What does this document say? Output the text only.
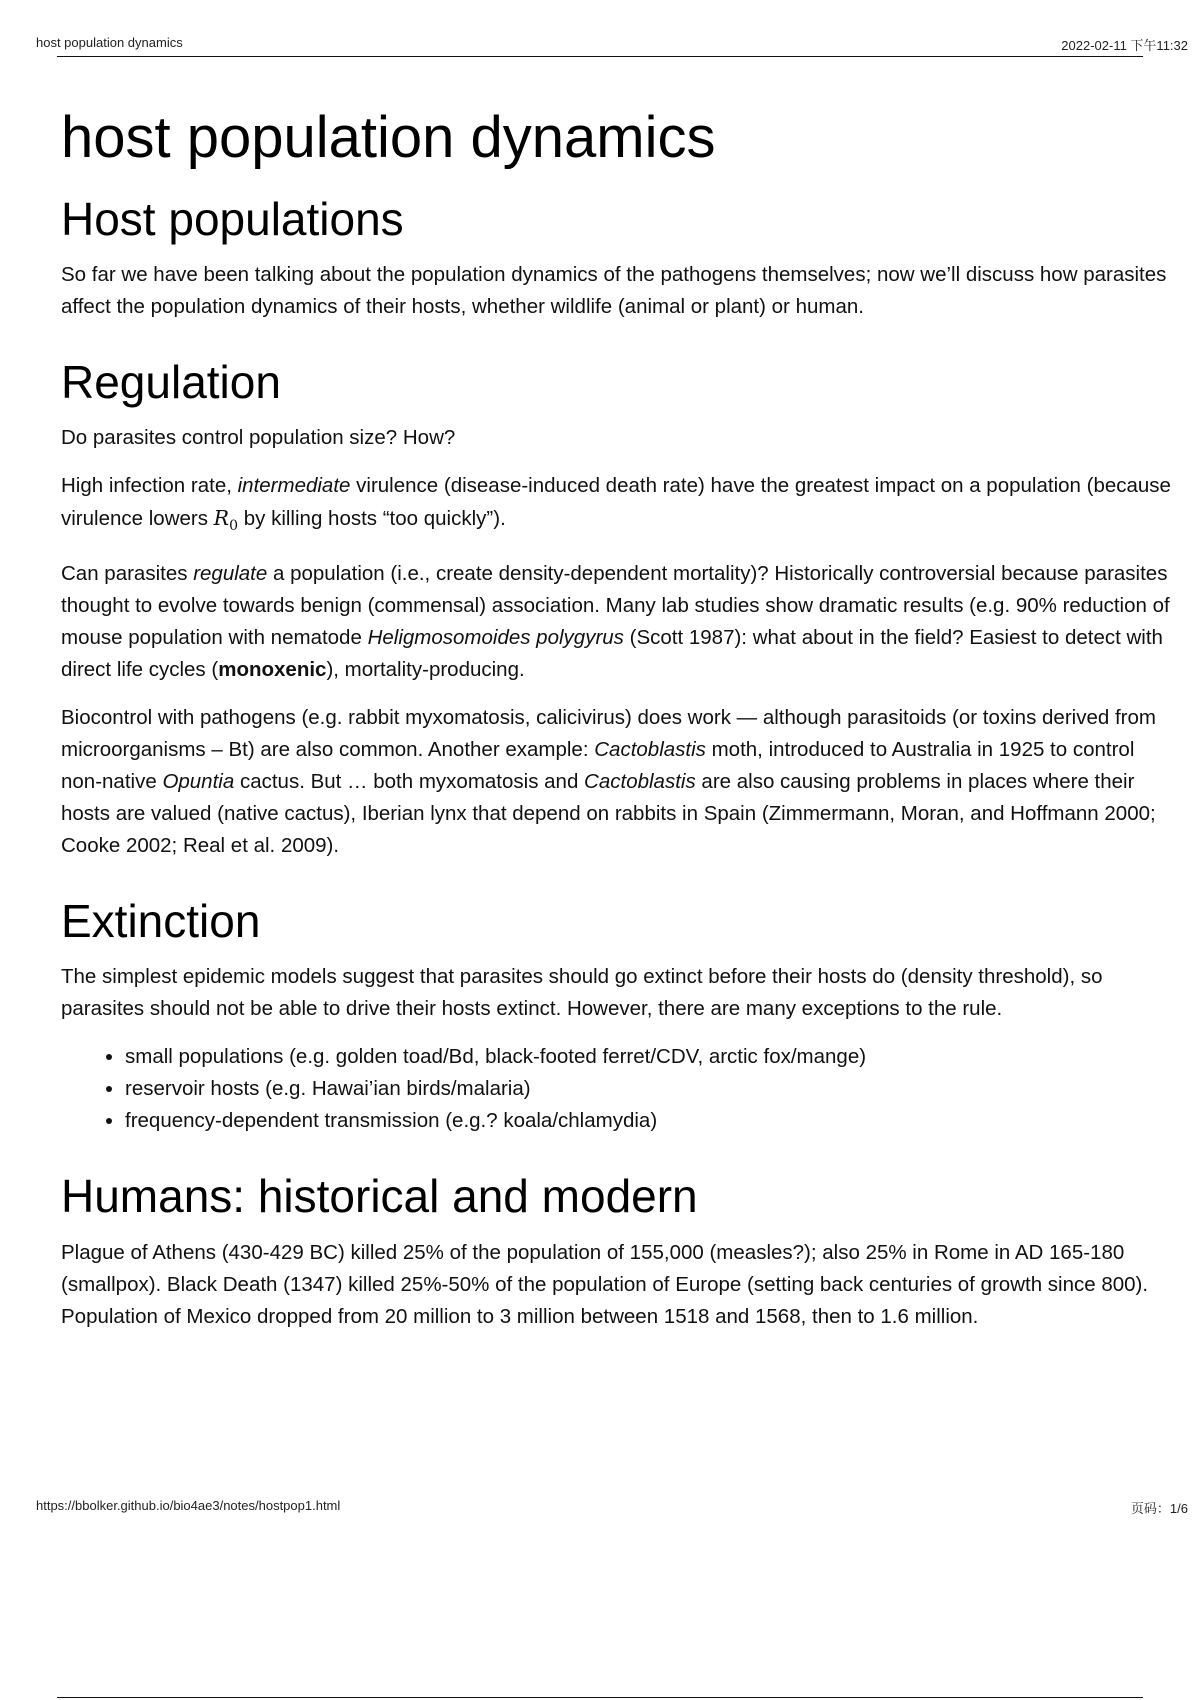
host population dynamics	2022-02-11 下午11:32
host population dynamics
Host populations

So far we have been talking about the population dynamics of the pathogens themselves; now we’ll discuss how parasites affect the population dynamics of their hosts, whether wildlife (animal or plant) or human.

Regulation

Do parasites control population size? How?

High infection rate, intermediate virulence (disease-induced death rate) have the greatest impact on a population (because virulence lowers $R_0$ by killing hosts “too quickly”).

Can parasites regulate a population (i.e., create density-dependent mortality)? Historically controversial because parasites thought to evolve towards benign (commensal) association. Many lab studies show dramatic results (e.g. 90% reduction of mouse population with nematode Heligmosomoides polygyrus (Scott 1987): what about in the field? Easiest to detect with direct life cycles (monoxenic), mortality-producing.

Biocontrol with pathogens (e.g. rabbit myxomatosis, calicivirus) does work — although parasitoids (or toxins derived from microorganisms – Bt) are also common. Another example: Cactoblastis moth, introduced to Australia in 1925 to control non-native Opuntia cactus. But … both myxomatosis and Cactoblastis are also causing problems in places where their hosts are valued (native cactus), Iberian lynx that depend on rabbits in Spain (Zimmermann, Moran, and Hoffmann 2000; Cooke 2002; Real et al. 2009).

Extinction

The simplest epidemic models suggest that parasites should go extinct before their hosts do (density threshold), so parasites should not be able to drive their hosts extinct. However, there are many exceptions to the rule.

• small populations (e.g. golden toad/Bd, black-footed ferret/CDV, arctic fox/mange)
• reservoir hosts (e.g. Hawai’ian birds/malaria)
• frequency-dependent transmission (e.g.? koala/chlamydia)
Humans: historical and modern

Plague of Athens (430-429 BC) killed 25% of the population of 155,000 (measles?); also 25% in Rome in AD 165-180 (smallpox). Black Death (1347) killed 25%-50% of the population of Europe (setting back centuries of growth since 800). Population of Mexico dropped from 20 million to 3 million between 1518 and 1568, then to 1.6 million.

https://bbolker.github.io/bio4ae3/notes/hostpop1.html	页码：1/6
